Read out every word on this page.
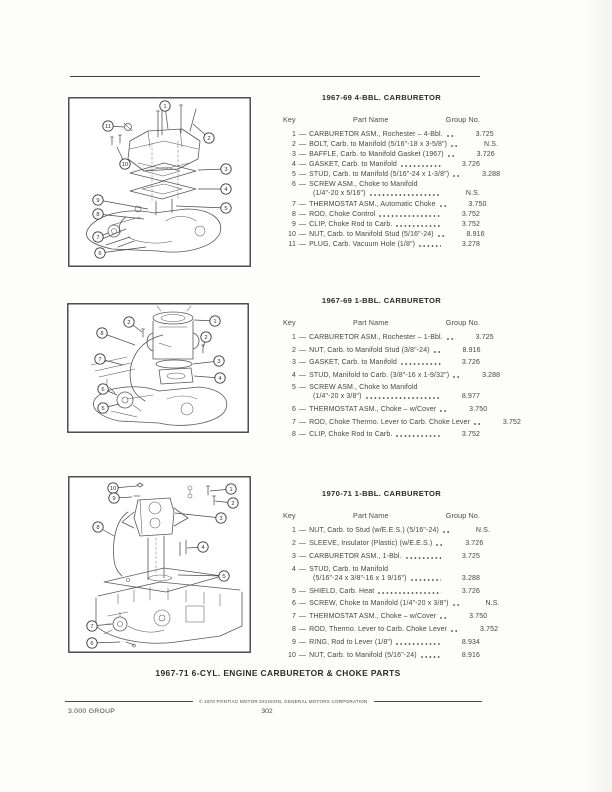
1
11
2
10
3
4
9
5
8
7
6
1967-69 4-BBL. CARBURETOR
Key	Part Name	Group No.
1 — CARBURETOR ASM., Rochester – 4-Bbl.	3.725
2 — BOLT, Carb. to Manifold (5/16"-18 x 3-5/8")	N.S.
3 — BAFFLE, Carb. to Manifold Gasket (1967)	3.726
4 — GASKET, Carb. to Manifold	3.726
5 — STUD, Carb. to Manifold (5/16"-24 x 1-3/8")	3.288
6 — SCREW ASM., Choke to Manifold
(1/4"-20 x 5/16")	N.S.
7 — THERMOSTAT ASM., Automatic Choke	3.750
8 — ROD, Choke Control	3.752
9 — CLIP, Choke Rod to Carb.	3.752
10 — NUT, Carb. to Manifold Stud (5/16"-24)	8.916
11 — PLUG, Carb. Vacuum Hole (1/8")	3.278
2	1
8
2
7	3
4
6
5
1967-69 1-BBL. CARBURETOR
Key	Part Name	Group No.
1 — CARBURETOR ASM., Rochester – 1-Bbl.	3.725
2 — NUT, Carb. to Manifold Stud (3/8"-24)	8.916
3 — GASKET, Carb. to Manifold	3.726
4 — STUD, Manifold to Carb. (3/8"-16 x 1-9/32")	3.288
5 — SCREW ASM., Choke to Manifold
(1/4"-20 x 3/8")	8.977
6 — THERMOSTAT ASM., Choke – w/Cover	3.750
7 — ROD, Choke Thermo. Lever to Carb. Choke Lever	3.752
8 — CLIP, Choke Rod to Carb.	3.752
10	1
9
2
3
8
4
5
7
6
1970-71 1-BBL. CARBURETOR
Key	Part Name	Group No.
1 — NUT, Carb. to Stud (w/E.E.S.) (5/16"-24)	N.S.
2 — SLEEVE, Insulator (Plastic) (w/E.E.S.)	3.726
3 — CARBURETOR ASM., 1-Bbl.	3.725
4 — STUD, Carb. to Manifold
(5/16"-24 x 3/8"-16 x 1 9/16")	3.288
5 — SHIELD, Carb. Heat	3.726
6 — SCREW, Choke to Manifold (1/4"-20 x 3/8")	N.S.
7 — THERMOSTAT ASM., Choke – w/Cover	3.750
8 — ROD, Thermo. Lever to Carb. Choke Lever	3.752
9 — RING, Rod to Lever (1/8")	8.934
10 — NUT, Carb. to Manifold (5/16"-24)	8.916
1967-71 6-CYL. ENGINE CARBURETOR & CHOKE PARTS
© 1970 PONTIAC MOTOR DIVISION, GENERAL MOTORS CORPORATION
3.000 GROUP	302
